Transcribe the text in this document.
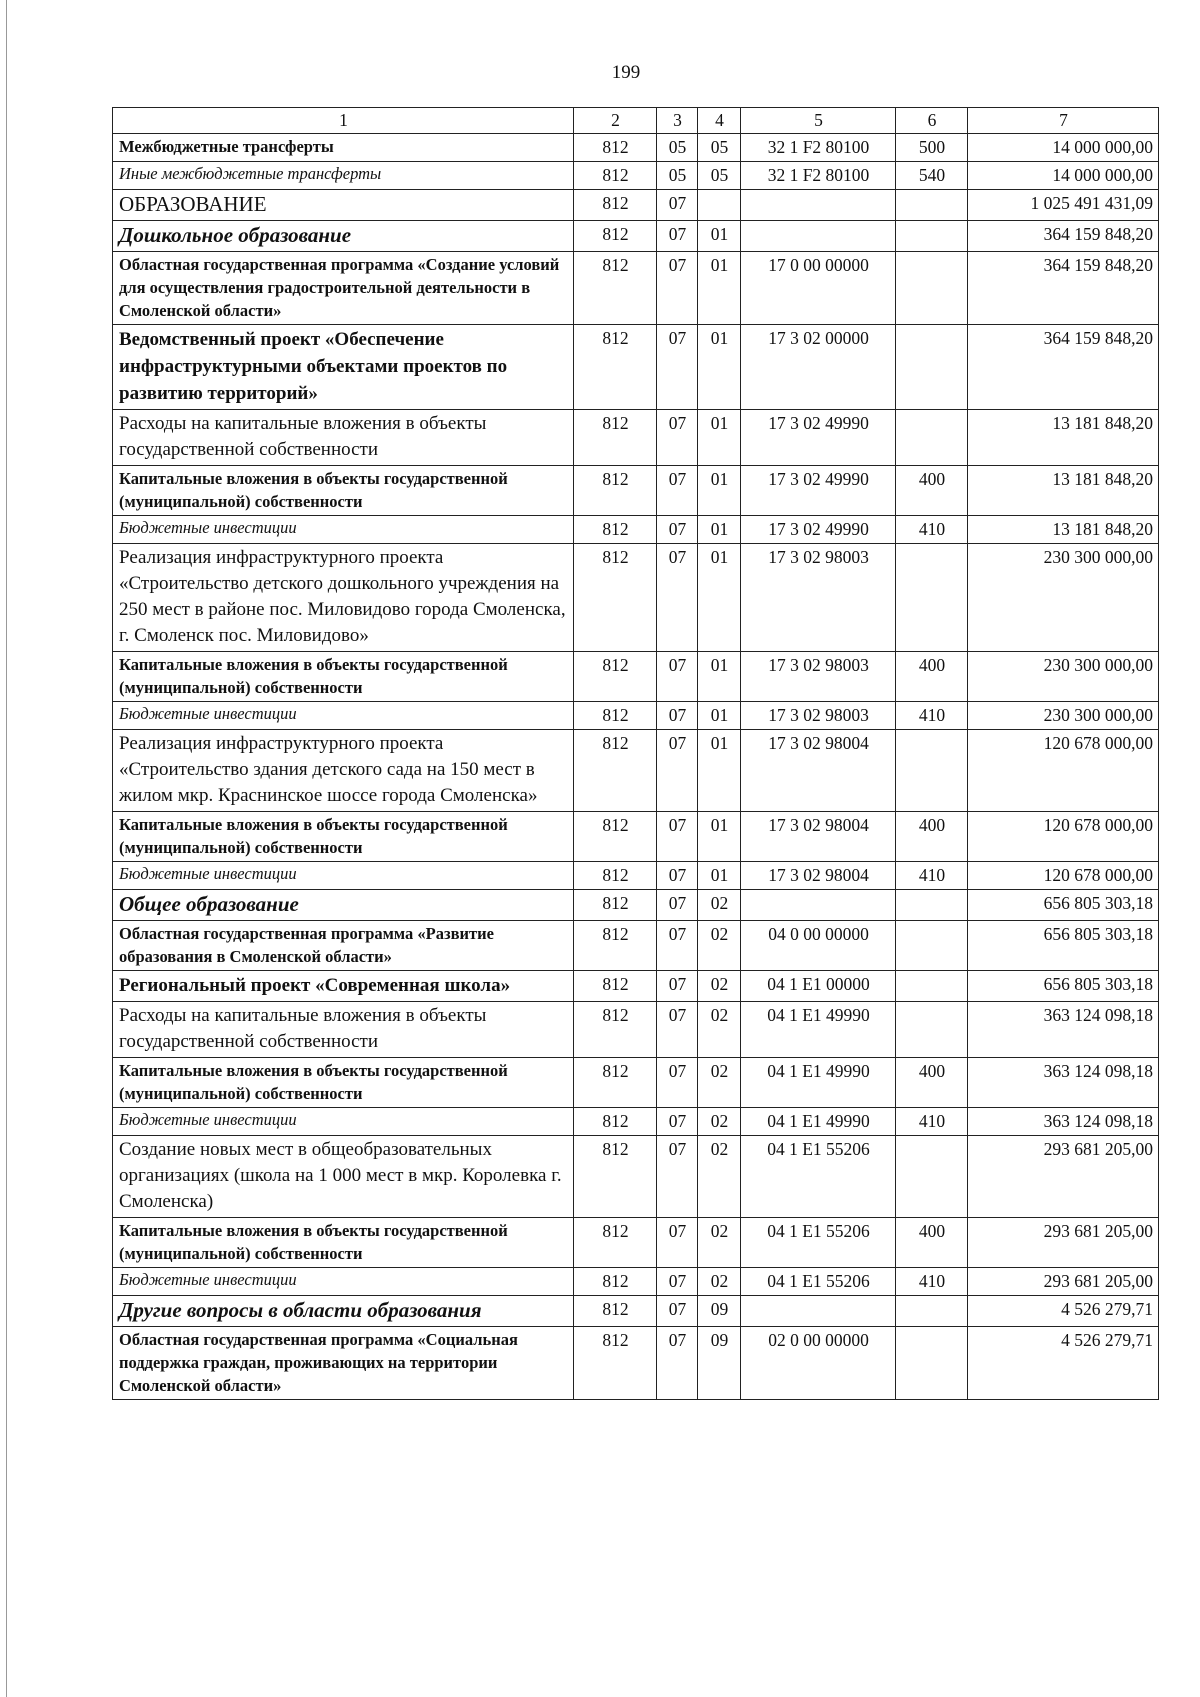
199
1	2	3	4	5	6	7
Межбюджетные трансферты	812	05	05	32 1 F2 80100	500	14 000 000,00
Иные межбюджетные трансферты	812	05	05	32 1 F2 80100	540	14 000 000,00
ОБРАЗОВАНИЕ	812	07				1 025 491 431,09
Дошкольное образование	812	07	01			364 159 848,20
Областная государственная программа «Создание условий для осуществления градостроительной деятельности в Смоленской области»	812	07	01	17 0 00 00000		364 159 848,20
Ведомственный проект «Обеспечение инфраструктурными объектами проектов по развитию территорий»	812	07	01	17 3 02 00000		364 159 848,20
Расходы на капитальные вложения в объекты государственной собственности	812	07	01	17 3 02 49990		13 181 848,20
Капитальные вложения в объекты государственной (муниципальной) собственности	812	07	01	17 3 02 49990	400	13 181 848,20
Бюджетные инвестиции	812	07	01	17 3 02 49990	410	13 181 848,20
Реализация инфраструктурного проекта «Строительство детского дошкольного учреждения на 250 мест в районе пос. Миловидово города Смоленска, г. Смоленск пос. Миловидово»	812	07	01	17 3 02 98003		230 300 000,00
Капитальные вложения в объекты государственной (муниципальной) собственности	812	07	01	17 3 02 98003	400	230 300 000,00
Бюджетные инвестиции	812	07	01	17 3 02 98003	410	230 300 000,00
Реализация инфраструктурного проекта «Строительство здания детского сада на 150 мест в жилом мкр. Краснинское шоссе города Смоленска»	812	07	01	17 3 02 98004		120 678 000,00
Капитальные вложения в объекты государственной (муниципальной) собственности	812	07	01	17 3 02 98004	400	120 678 000,00
Бюджетные инвестиции	812	07	01	17 3 02 98004	410	120 678 000,00
Общее образование	812	07	02			656 805 303,18
Областная государственная программа «Развитие образования в Смоленской области»	812	07	02	04 0 00 00000		656 805 303,18
Региональный проект «Современная школа»	812	07	02	04 1 E1 00000		656 805 303,18
Расходы на капитальные вложения в объекты государственной собственности	812	07	02	04 1 E1 49990		363 124 098,18
Капитальные вложения в объекты государственной (муниципальной) собственности	812	07	02	04 1 E1 49990	400	363 124 098,18
Бюджетные инвестиции	812	07	02	04 1 E1 49990	410	363 124 098,18
Создание новых мест в общеобразовательных организациях (школа на 1 000 мест в мкр. Королевка г. Смоленска)	812	07	02	04 1 E1 55206		293 681 205,00
Капитальные вложения в объекты государственной (муниципальной) собственности	812	07	02	04 1 E1 55206	400	293 681 205,00
Бюджетные инвестиции	812	07	02	04 1 E1 55206	410	293 681 205,00
Другие вопросы в области образования	812	07	09			4 526 279,71
Областная государственная программа «Социальная поддержка граждан, проживающих на территории Смоленской области»	812	07	09	02 0 00 00000		4 526 279,71
